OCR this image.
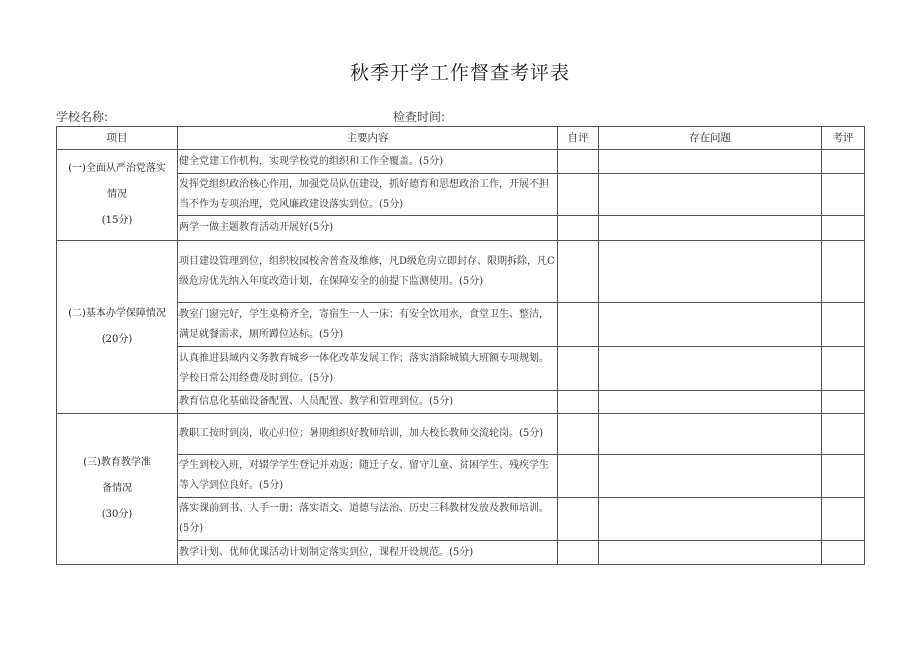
秋季开学工作督查考评表
学校名称:	检查时间:
项目	主要内容	自评	存在问题	考评

(一)全面从严治党落实
情况
(15分)	健全党建工作机构，实现学校党的组织和工作全覆盖。(5分)			
	发挥党组织政治核心作用，加强党员队伍建设，抓好德育和思想政治工作，开展不担当不作为专项治理，党风廉政建设落实到位。(5分)			
	两学一做主题教育活动开展好(5分)			

(二)基本办学保障情况
(20分)	项目建设管理到位，组织校园校舍普查及维修，凡D级危房立即封存、限期拆除，凡C级危房优先纳入年度改造计划，在保障安全的前提下监测使用。(5分)			
	教室门窗完好，学生桌椅齐全，寄宿生一人一床；有安全饮用水，食堂卫生、整洁，满足就餐需求，厕所蹲位达标。(5分)			
	认真推进县域内义务教育城乡一体化改革发展工作；落实消除城镇大班额专项规划。学校日常公用经费及时到位。(5分)			
	教育信息化基础设备配置、人员配置、教学和管理到位。(5分)			

(三)教育教学准
备情况
(30分)	教职工按时到岗，收心归位；暑期组织好教师培训，加大校长教师交流轮岗。(5分)			
	学生到校入班，对辍学学生登记并劝返；随迁子女、留守儿童、贫困学生、残疾学生等入学到位良好。(5分)			
	落实课前到书、人手一册；落实语文、道德与法治、历史三科教材发放及教师培训。(5分)			
	教学计划、优师优课活动计划制定落实到位，课程开设规范。(5分)			
